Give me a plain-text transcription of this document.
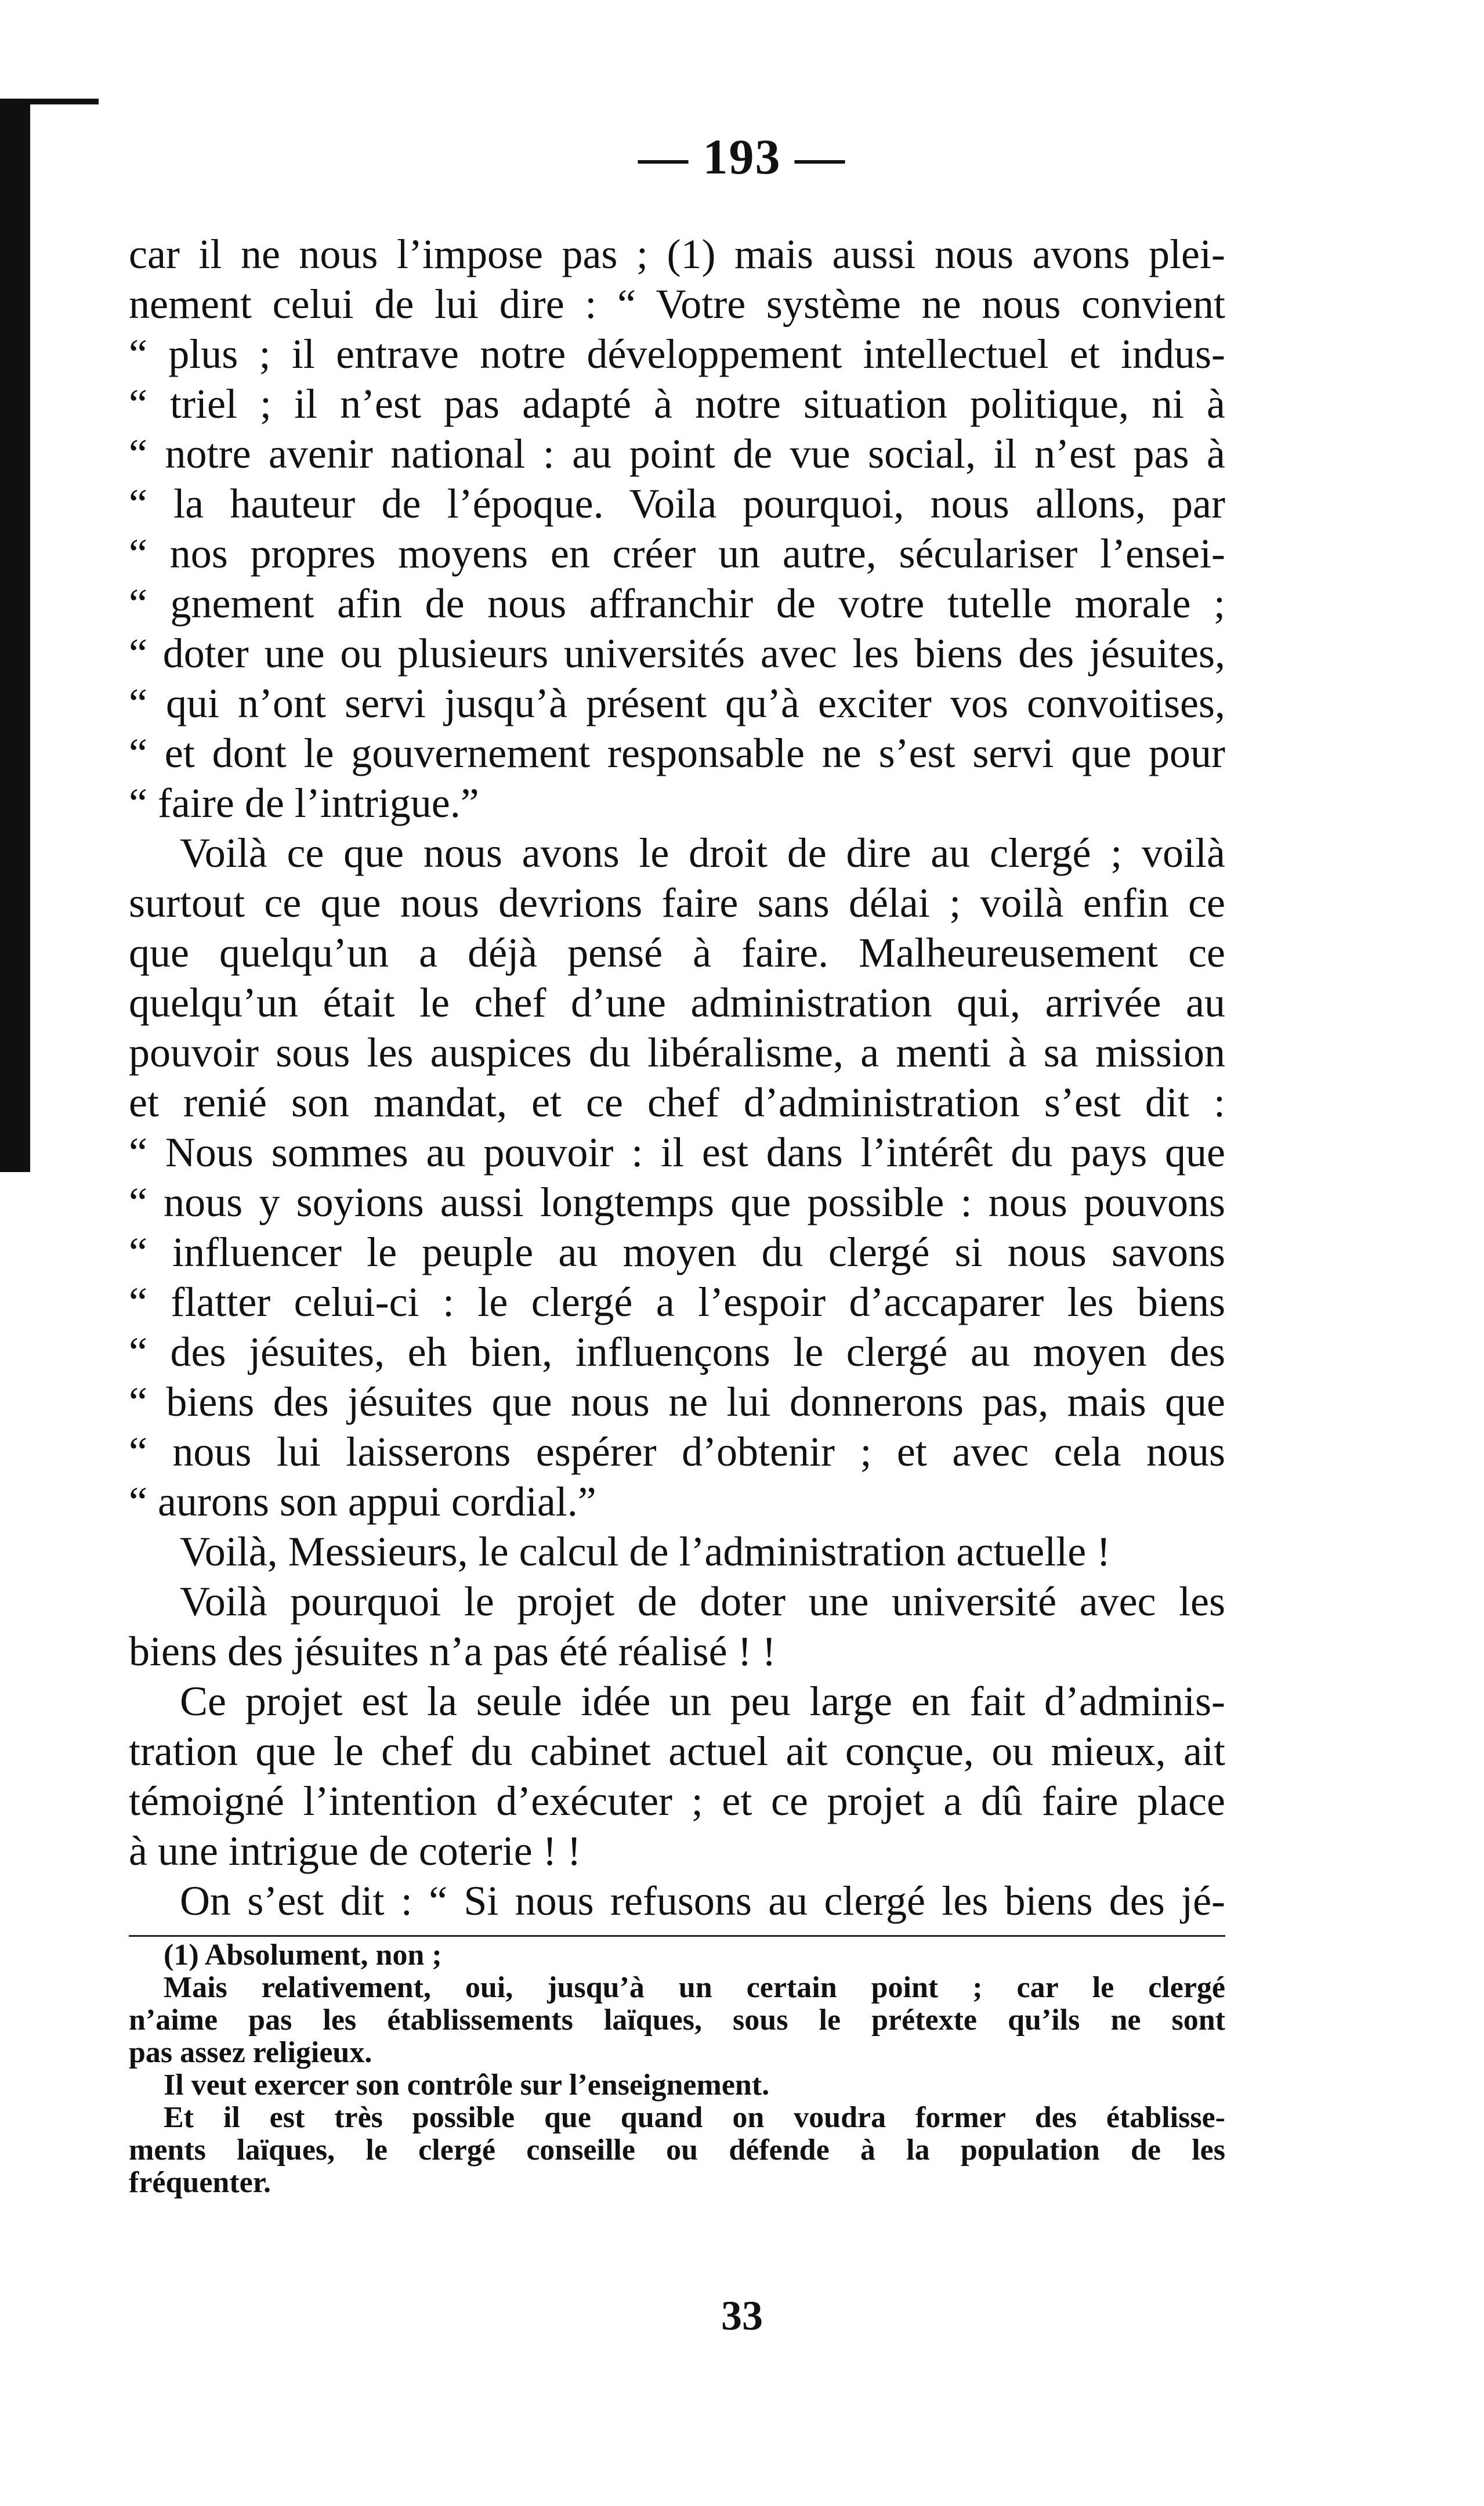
— 193 —
car il ne nous l’impose pas ; (1) mais aussi nous avons plei-
nement celui de lui dire : “ Votre système ne nous convient
“ plus ; il entrave notre développement intellectuel et indus-
“ triel ; il n’est pas adapté à notre situation politique, ni à
“ notre avenir national : au point de vue social, il n’est pas à
“ la hauteur de l’époque. Voila pourquoi, nous allons, par
“ nos propres moyens en créer un autre, séculariser l’ensei-
“ gnement afin de nous affranchir de votre tutelle morale ;
“ doter une ou plusieurs universités avec les biens des jésuites,
“ qui n’ont servi jusqu’à présent qu’à exciter vos convoitises,
“ et dont le gouvernement responsable ne s’est servi que pour
“ faire de l’intrigue.”
Voilà ce que nous avons le droit de dire au clergé ; voilà
surtout ce que nous devrions faire sans délai ; voilà enfin ce
que quelqu’un a déjà pensé à faire. Malheureusement ce
quelqu’un était le chef d’une administration qui, arrivée au
pouvoir sous les auspices du libéralisme, a menti à sa mission
et renié son mandat, et ce chef d’administration s’est dit :
“ Nous sommes au pouvoir : il est dans l’intérêt du pays que
“ nous y soyions aussi longtemps que possible : nous pouvons
“ influencer le peuple au moyen du clergé si nous savons
“ flatter celui-ci : le clergé a l’espoir d’accaparer les biens
“ des jésuites, eh bien, influençons le clergé au moyen des
“ biens des jésuites que nous ne lui donnerons pas, mais que
“ nous lui laisserons espérer d’obtenir ; et avec cela nous
“ aurons son appui cordial.”
Voilà, Messieurs, le calcul de l’administration actuelle !
Voilà pourquoi le projet de doter une université avec les
biens des jésuites n’a pas été réalisé ! !
Ce projet est la seule idée un peu large en fait d’adminis-
tration que le chef du cabinet actuel ait conçue, ou mieux, ait
témoigné l’intention d’exécuter ; et ce projet a dû faire place
à une intrigue de coterie ! !
On s’est dit : “ Si nous refusons au clergé les biens des jé-
(1) Absolument, non ;
Mais relativement, oui, jusqu’à un certain point ; car le clergé
n’aime pas les établissements laïques, sous le prétexte qu’ils ne sont
pas assez religieux.
Il veut exercer son contrôle sur l’enseignement.
Et il est très possible que quand on voudra former des établisse-
ments laïques, le clergé conseille ou défende à la population de les
fréquenter.
33
